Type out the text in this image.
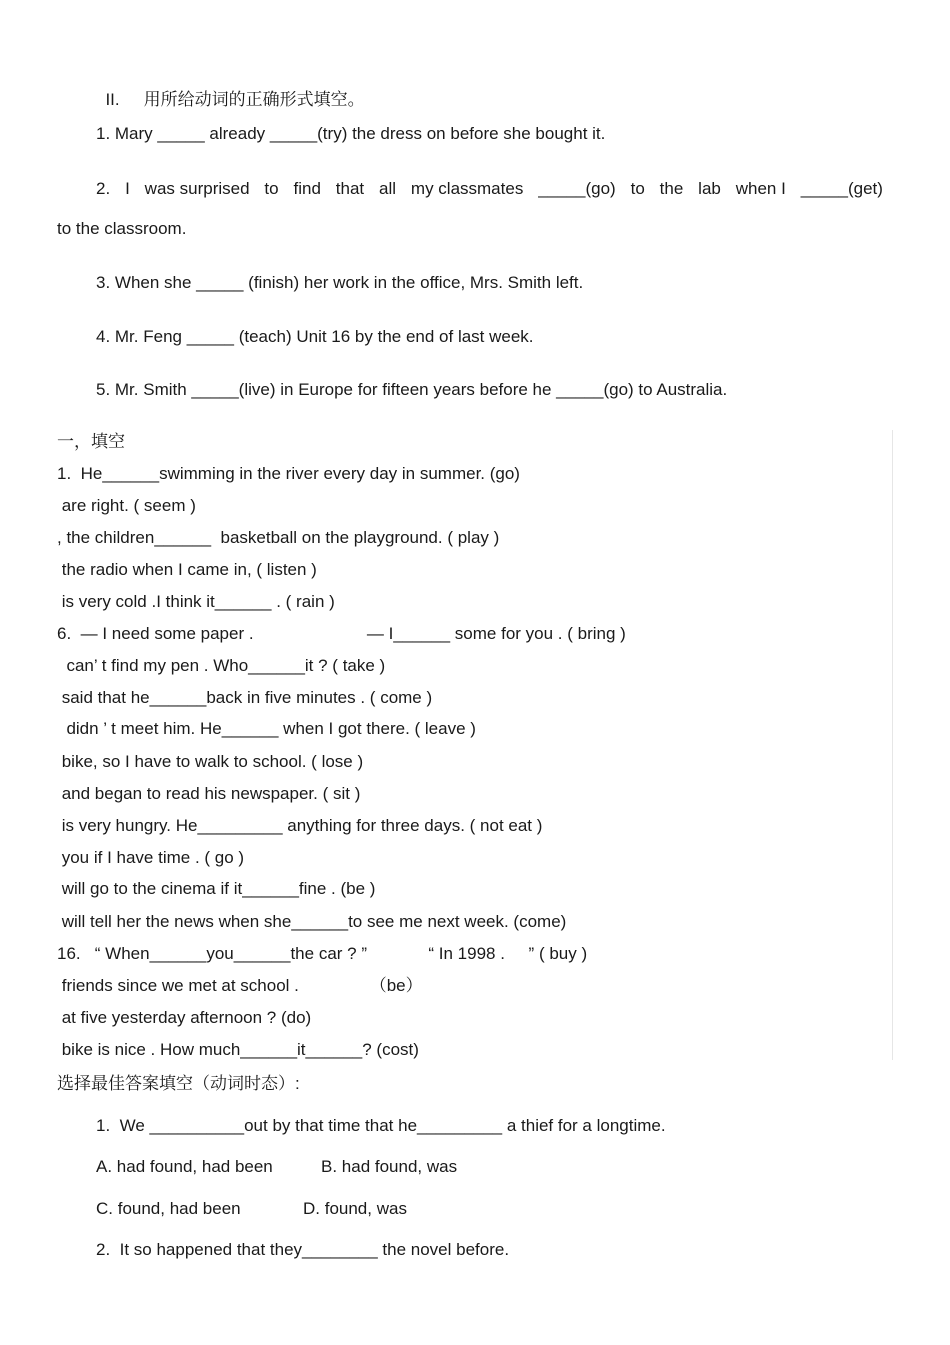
II. 用所给动词的正确形式填空。

1. Mary _____ already _____(try) the dress on before she bought it.
2. I was surprised to find that all my classmates _____(go) to the lab when I _____(get)
to the classroom.
3. When she _____ (finish) her work in the office, Mrs. Smith left.
4. Mr. Feng _____ (teach) Unit 16 by the end of last week.
5. Mr. Smith _____(live) in Europe for fifteen years before he _____(go) to Australia.
一，填空
1.  He______swimming in the river every day in summer. (go)
are right. ( seem )
, the children______  basketball on the playground. ( play )
the radio when I came in, ( listen )
is very cold .I think it______ . ( rain )
6.  — I need some paper .                        — I______ some for you . ( bring )
can’ t find my pen . Who______it ? ( take )
said that he______back in five minutes . ( come )
didn ’ t meet him. He______ when I got there. ( leave )
bike, so I have to walk to school. ( lose )
and began to read his newspaper. ( sit )
is very hungry. He_________ anything for three days. ( not eat )
you if I have time . ( go )
will go to the cinema if it______fine . (be )
will tell her the news when she______to see me next week. (come)
16.   “ When______you______the car ? ”             “ In 1998 .     ” ( buy )
friends since we met at school .               （be）
at five yesterday afternoon ? (do)
bike is nice . How much______it______? (cost)
选择最佳答案填空（动词时态）:
1.  We __________out by that time that he_________ a thief for a longtime.
A. had found, had been	B. had found, was
C. found, had been	D. found, was
2.  It so happened that they________ the novel before.
